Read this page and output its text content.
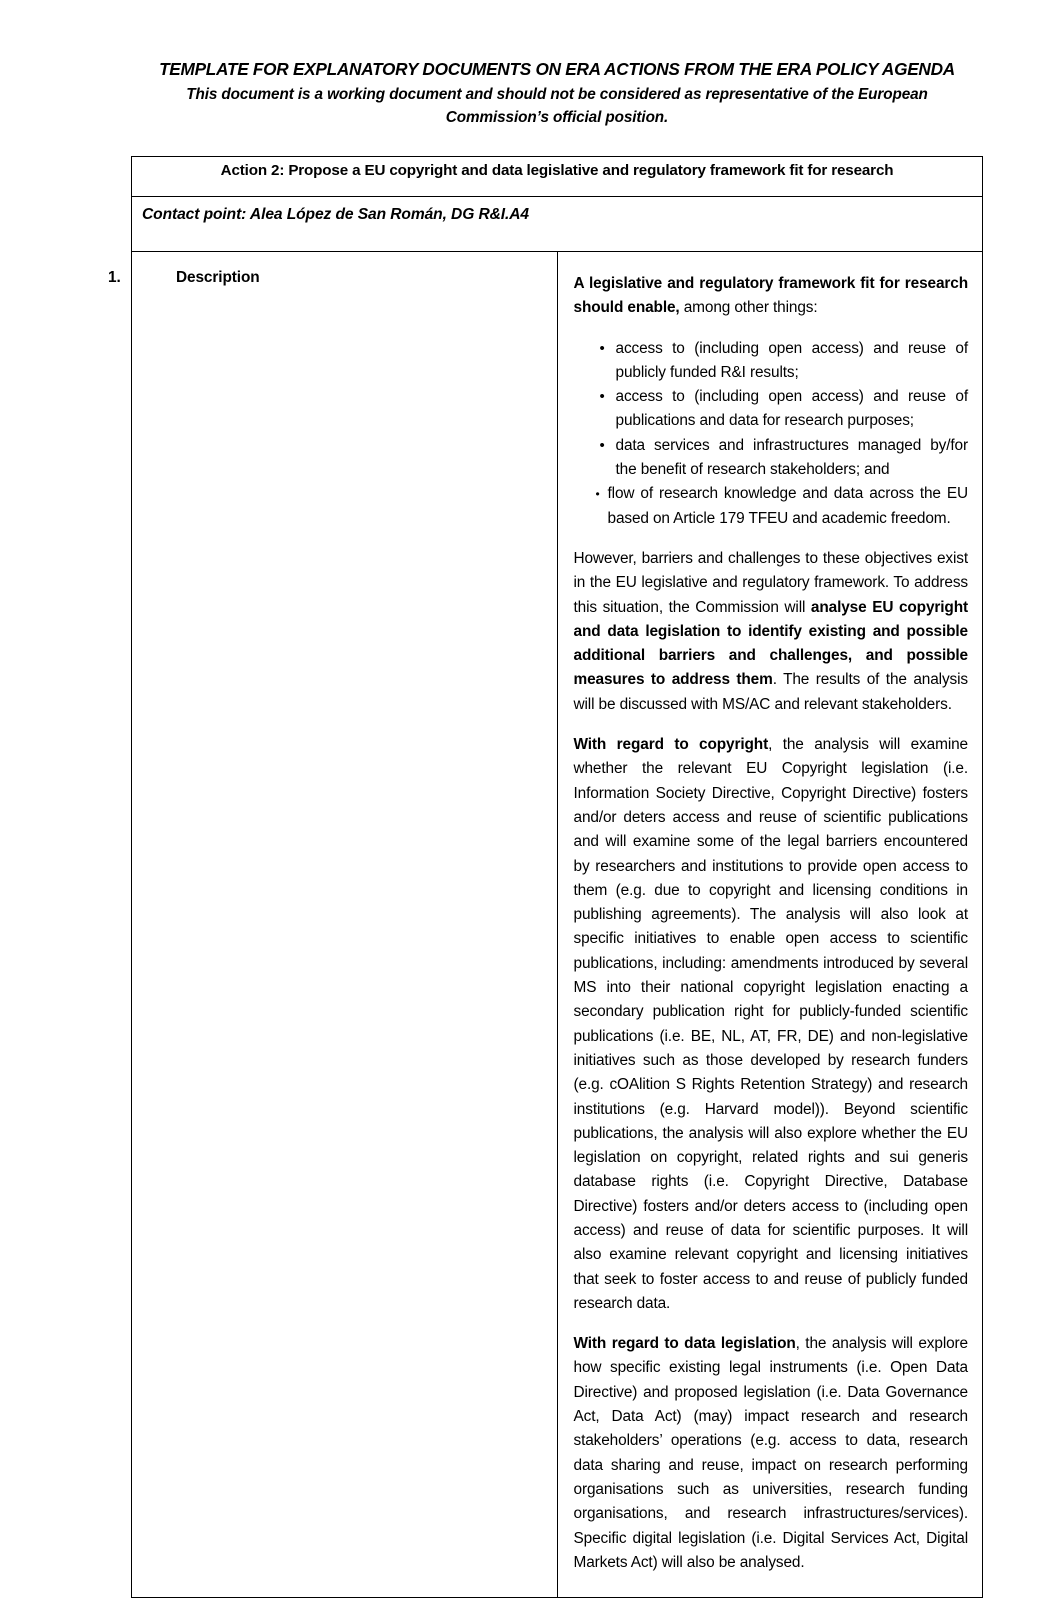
TEMPLATE FOR EXPLANATORY DOCUMENTS ON ERA ACTIONS FROM THE ERA POLICY AGENDA
This document is a working document and should not be considered as representative of the European Commission’s official position.
Action 2: Propose a EU copyright and data legislative and regulatory framework fit for research

Contact point: Alea López de San Román, DG R&I.A4

1.	Description	A legislative and regulatory framework fit for research should enable, among other things:

• access to (including open access) and reuse of publicly funded R&I results;
• access to (including open access) and reuse of publications and data for research purposes;
• data services and infrastructures managed by/for the benefit of research stakeholders; and
• flow of research knowledge and data across the EU based on Article 179 TFEU and academic freedom.

However, barriers and challenges to these objectives exist in the EU legislative and regulatory framework. To address this situation, the Commission will analyse EU copyright and data legislation to identify existing and possible additional barriers and challenges, and possible measures to address them. The results of the analysis will be discussed with MS/AC and relevant stakeholders.

With regard to copyright, the analysis will examine whether the relevant EU Copyright legislation (i.e. Information Society Directive, Copyright Directive) fosters and/or deters access and reuse of scientific publications and will examine some of the legal barriers encountered by researchers and institutions to provide open access to them (e.g. due to copyright and licensing conditions in publishing agreements). The analysis will also look at specific initiatives to enable open access to scientific publications, including: amendments introduced by several MS into their national copyright legislation enacting a secondary publication right for publicly-funded scientific publications (i.e. BE, NL, AT, FR, DE) and non-legislative initiatives such as those developed by research funders (e.g. cOAlition S Rights Retention Strategy) and research institutions (e.g. Harvard model)). Beyond scientific publications, the analysis will also explore whether the EU legislation on copyright, related rights and sui generis database rights (i.e. Copyright Directive, Database Directive) fosters and/or deters access to (including open access) and reuse of data for scientific purposes. It will also examine relevant copyright and licensing initiatives that seek to foster access to and reuse of publicly funded research data.

With regard to data legislation, the analysis will explore how specific existing legal instruments (i.e. Open Data Directive) and proposed legislation (i.e. Data Governance Act, Data Act) (may) impact research and research stakeholders’ operations (e.g. access to data, research data sharing and reuse, impact on research performing organisations such as universities, research funding organisations, and research infrastructures/services). Specific digital legislation (i.e. Digital Services Act, Digital Markets Act) will also be analysed.
